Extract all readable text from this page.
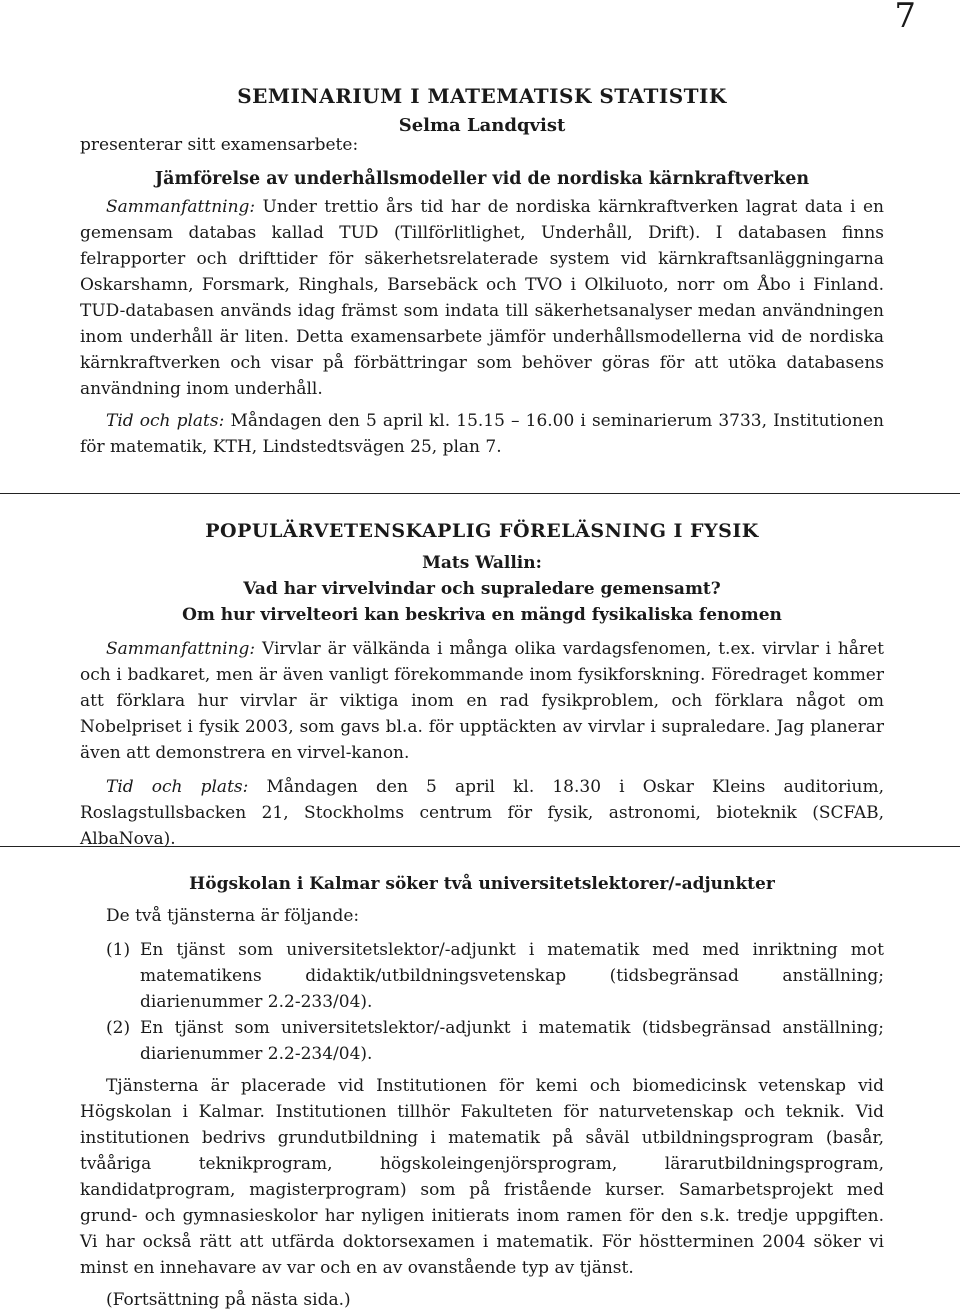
7
SEMINARIUM I MATEMATISK STATISTIK
Selma Landqvist
presenterar sitt examensarbete:
Jämförelse av underhållsmodeller vid de nordiska kärnkraftverken

Sammanfattning: Under trettio års tid har de nordiska kärnkraftverken lagrat data i en gemensam databas kallad TUD (Tillförlitlighet, Underhåll, Drift). I databasen finns felrapporter och drifttider för säkerhetsrelaterade system vid kärnkraftsanläggningarna Oskarshamn, Forsmark, Ringhals, Barsebäck och TVO i Olkiluoto, norr om Åbo i Finland. TUD-databasen används idag främst som indata till säkerhetsanalyser medan användningen inom underhåll är liten. Detta examensarbete jämför underhållsmodellerna vid de nordiska kärnkraftverken och visar på förbättringar som behöver göras för att utöka databasens användning inom underhåll.

Tid och plats: Måndagen den 5 april kl. 15.15 – 16.00 i seminarierum 3733, Institutionen för matematik, KTH, Lindstedtsvägen 25, plan 7.

POPULÄRVETENSKAPLIG FÖRELÄSNING I FYSIK
Mats Wallin:
Vad har virvelvindar och supraledare gemensamt?
Om hur virvelteori kan beskriva en mängd fysikaliska fenomen

Sammanfattning: Virvlar är välkända i många olika vardagsfenomen, t.ex. virvlar i håret och i badkaret, men är även vanligt förekommande inom fysikforskning. Föredraget kommer att förklara hur virvlar är viktiga inom en rad fysikproblem, och förklara något om Nobelpriset i fysik 2003, som gavs bl.a. för upptäckten av virvlar i supraledare. Jag planerar även att demonstrera en virvel-kanon.

Tid och plats: Måndagen den 5 april kl. 18.30 i Oskar Kleins auditorium, Roslagstullsbacken 21, Stockholms centrum för fysik, astronomi, bioteknik (SCFAB, AlbaNova).

Högskolan i Kalmar söker två universitetslektorer/-adjunkter

De två tjänsterna är följande:

(1) En tjänst som universitetslektor/-adjunkt i matematik med med inriktning mot matematikens didaktik/utbildningsvetenskap (tidsbegränsad anställning; diarienummer 2.2-233/04).
(2) En tjänst som universitetslektor/-adjunkt i matematik (tidsbegränsad anställning; diarienummer 2.2-234/04).

Tjänsterna är placerade vid Institutionen för kemi och biomedicinsk vetenskap vid Högskolan i Kalmar. Institutionen tillhör Fakulteten för naturvetenskap och teknik. Vid institutionen bedrivs grundutbildning i matematik på såväl utbildningsprogram (basår, tvååriga teknikprogram, högskoleingenjörsprogram, lärarutbildningsprogram, kandidatprogram, magisterprogram) som på fristående kurser. Samarbetsprojekt med grund- och gymnasieskolor har nyligen initierats inom ramen för den s.k. tredje uppgiften. Vi har också rätt att utfärda doktorsexamen i matematik. För höstterminen 2004 söker vi minst en innehavare av var och en av ovanstående typ av tjänst.

(Fortsättning på nästa sida.)
